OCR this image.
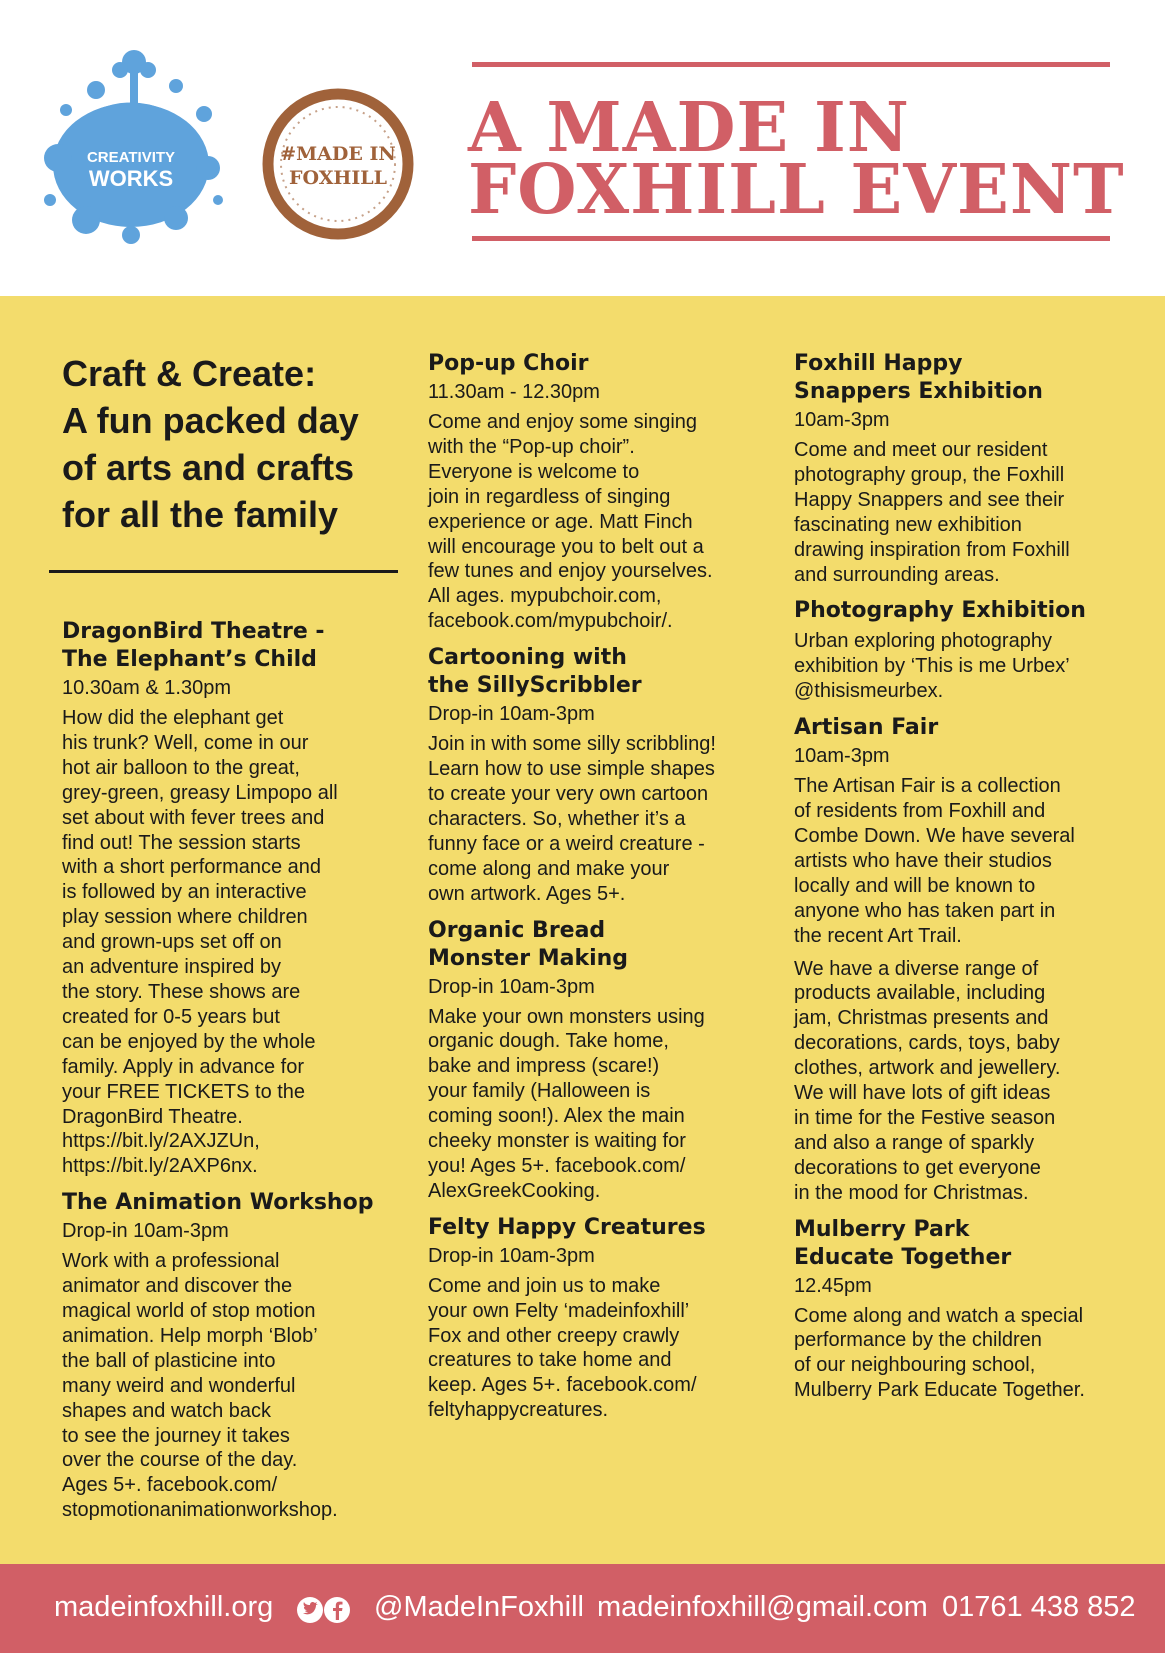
CREATIVITY
WORKS
#MADE IN
FOXHILL
A MADE IN
FOXHILL EVENT
Craft & Create:
A fun packed day
of arts and crafts
for all the family
DragonBird Theatre -
The Elephant’s Child
10.30am & 1.30pm
How did the elephant get
his trunk? Well, come in our
hot air balloon to the great,
grey-green, greasy Limpopo all
set about with fever trees and
find out! The session starts
with a short performance and
is followed by an interactive
play session where children
and grown-ups set off on
an adventure inspired by
the story. These shows are
created for 0-5 years but
can be enjoyed by the whole
family. Apply in advance for
your FREE TICKETS to the
DragonBird Theatre.
https://bit.ly/2AXJZUn,
https://bit.ly/2AXP6nx.
The Animation Workshop
Drop-in 10am-3pm
Work with a professional
animator and discover the
magical world of stop motion
animation. Help morph ‘Blob’
the ball of plasticine into
many weird and wonderful
shapes and watch back
to see the journey it takes
over the course of the day.
Ages 5+. facebook.com/
stopmotionanimationworkshop.
Pop-up Choir
11.30am - 12.30pm
Come and enjoy some singing
with the “Pop-up choir”.
Everyone is welcome to
join in regardless of singing
experience or age. Matt Finch
will encourage you to belt out a
few tunes and enjoy yourselves.
All ages. mypubchoir.com,
facebook.com/mypubchoir/.
Cartooning with
the SillyScribbler
Drop-in 10am-3pm
Join in with some silly scribbling!
Learn how to use simple shapes
to create your very own cartoon
characters. So, whether it’s a
funny face or a weird creature -
come along and make your
own artwork. Ages 5+.
Organic Bread
Monster Making
Drop-in 10am-3pm
Make your own monsters using
organic dough. Take home,
bake and impress (scare!)
your family (Halloween is
coming soon!). Alex the main
cheeky monster is waiting for
you! Ages 5+. facebook.com/
AlexGreekCooking.
Felty Happy Creatures
Drop-in 10am-3pm
Come and join us to make
your own Felty ‘madeinfoxhill’
Fox and other creepy crawly
creatures to take home and
keep. Ages 5+. facebook.com/
feltyhappycreatures.
Foxhill Happy
Snappers Exhibition
10am-3pm
Come and meet our resident
photography group, the Foxhill
Happy Snappers and see their
fascinating new exhibition
drawing inspiration from Foxhill
and surrounding areas.
Photography Exhibition
Urban exploring photography
exhibition by ‘This is me Urbex’
@thisismeurbex.
Artisan Fair
10am-3pm
The Artisan Fair is a collection
of residents from Foxhill and
Combe Down. We have several
artists who have their studios
locally and will be known to
anyone who has taken part in
the recent Art Trail.
We have a diverse range of
products available, including
jam, Christmas presents and
decorations, cards, toys, baby
clothes, artwork and jewellery.
We will have lots of gift ideas
in time for the Festive season
and also a range of sparkly
decorations to get everyone
in the mood for Christmas.
Mulberry Park
Educate Together
12.45pm
Come along and watch a special
performance by the children
of our neighbouring school,
Mulberry Park Educate Together.
madeinfoxhill.org	@MadeInFoxhill madeinfoxhill@gmail.com 01761 438 852
